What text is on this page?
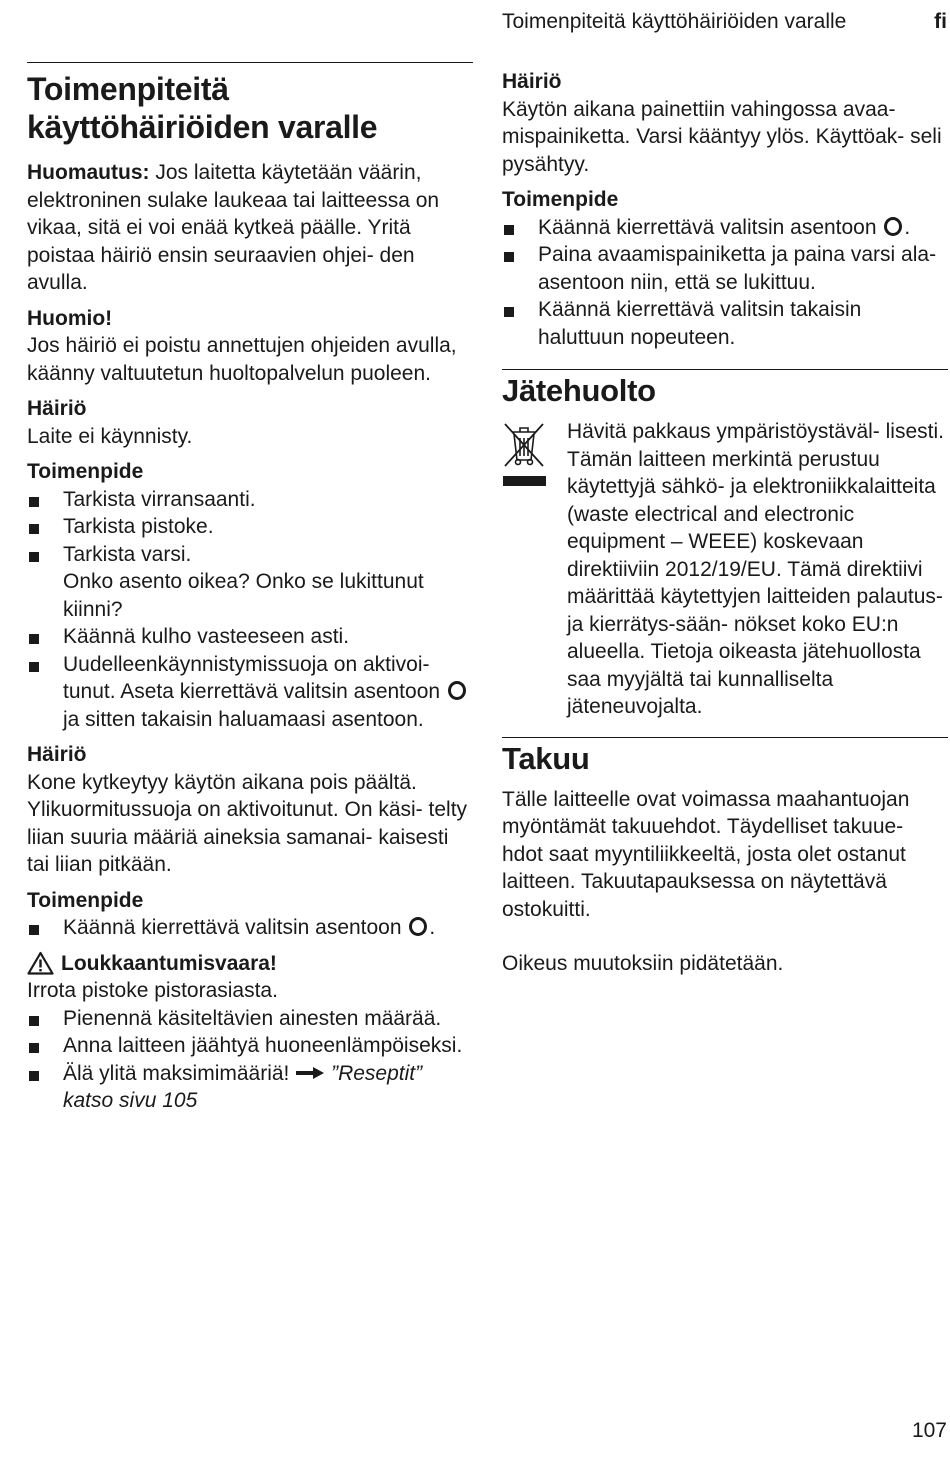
Toimenpiteitä käyttöhäiriöiden varalle	fi
Toimenpiteitä
käyttöhäiriöiden varalle

Huomautus: Jos laitetta käytetään väärin, elektroninen sulake laukeaa tai laitteessa on vikaa, sitä ei voi enää kytkeä päälle. Yritä poistaa häiriö ensin seuraavien ohjei- den avulla.

Huomio!

Jos häiriö ei poistu annettujen ohjeiden avulla, käänny valtuutetun huoltopalvelun puoleen.

Häiriö

Laite ei käynnisty.

Toimenpide

Tarkista virransaanti.
Tarkista pistoke.
Tarkista varsi.
Onko asento oikea? Onko se lukittunut kiinni?
Käännä kulho vasteeseen asti.
Uudelleenkäynnistymissuoja on aktivoi- tunut. Aseta kierrettävä valitsin asentoon  ja sitten takaisin haluamaasi asentoon.

Häiriö

Kone kytkeytyy käytön aikana pois päältä. Ylikuormitussuoja on aktivoitunut. On käsi- telty liian suuria määriä aineksia samanai- kaisesti tai liian pitkään.

Toimenpide

Käännä kierrettävä valitsin asentoon .
Loukkaantumisvaara!

Irrota pistoke pistorasiasta.

Pienennä käsiteltävien ainesten määrää.
Anna laitteen jäähtyä huoneenlämpöiseksi.
Älä ylitä maksimimääriä!  ”Reseptit” katso sivu 105

Häiriö

Käytön aikana painettiin vahingossa avaa- mispainiketta. Varsi kääntyy ylös. Käyttöak- seli pysähtyy.

Toimenpide

Käännä kierrettävä valitsin asentoon .
Paina avaamispainiketta ja paina varsi ala-asentoon niin, että se lukittuu.
Käännä kierrettävä valitsin takaisin haluttuun nopeuteen.
Jätehuolto

Hävitä pakkaus ympäristöystäväl- lisesti. Tämän laitteen merkintä perustuu käytettyjä sähkö- ja elektroniikkalaitteita (waste electrical and electronic equipment – WEEE) koskevaan direktiiviin 2012/19/EU. Tämä direktiivi määrittää käytettyjen laitteiden palautus- ja kierrätys-sään- nökset koko EU:n alueella. Tietoja oikeasta jätehuollosta saa myyjältä tai kunnalliselta jäteneuvojalta.

Takuu

Tälle laitteelle ovat voimassa maahantuojan myöntämät takuuehdot. Täydelliset takuue- hdot saat myyntiliikkeeltä, josta olet ostanut laitteen. Takuutapauksessa on näytettävä ostokuitti.

Oikeus muutoksiin pidätetään.

107
